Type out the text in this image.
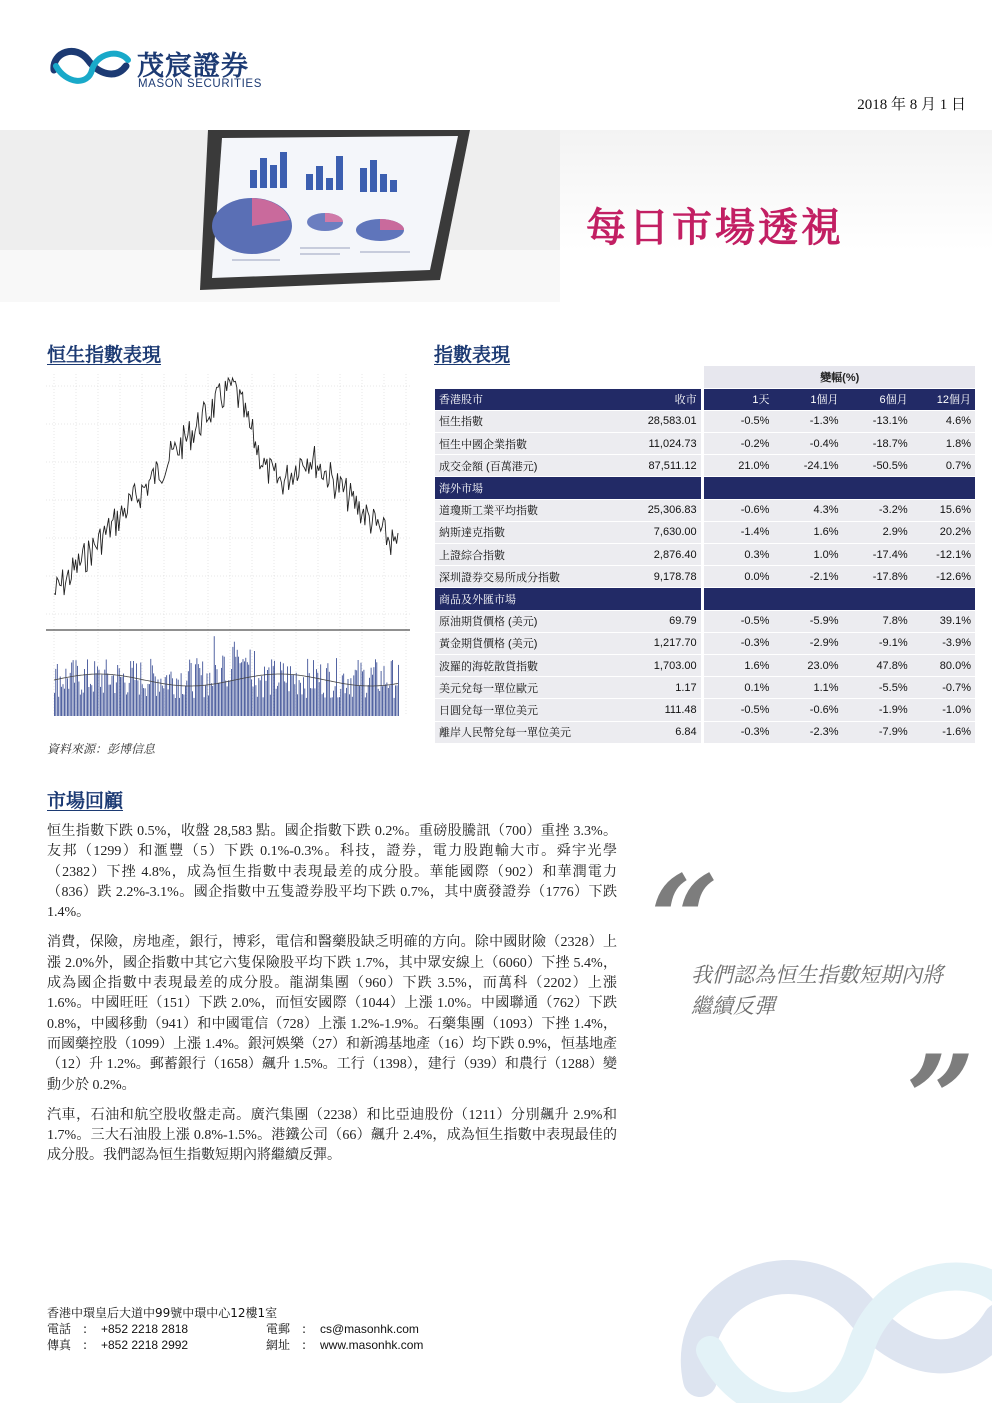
茂宸證券
MASON SECURITIES
2018 年 8 月 1 日
每日市場透視
恒生指數表現	指數表現
資料來源：彭博信息
			變幅(%)			
香港股市	收市		1天	1個月	6個月	12個月
恒生指數	28,583.01		-0.5%	-1.3%	-13.1%	4.6%
恒生中國企業指數	11,024.73		-0.2%	-0.4%	-18.7%	1.8%
成交金額 (百萬港元)	87,511.12		21.0%	-24.1%	-50.5%	0.7%
海外市場						
道瓊斯工業平均指數	25,306.83		-0.6%	4.3%	-3.2%	15.6%
納斯達克指數	7,630.00		-1.4%	1.6%	2.9%	20.2%
上證綜合指數	2,876.40		0.3%	1.0%	-17.4%	-12.1%
深圳證券交易所成分指數	9,178.78		0.0%	-2.1%	-17.8%	-12.6%
商品及外匯市場						
原油期貨價格 (美元)	69.79		-0.5%	-5.9%	7.8%	39.1%
黃金期貨價格 (美元)	1,217.70		-0.3%	-2.9%	-9.1%	-3.9%
波羅的海乾散貨指數	1,703.00		1.6%	23.0%	47.8%	80.0%
美元兌每一單位歐元	1.17		0.1%	1.1%	-5.5%	-0.7%
日圓兌每一單位美元	111.48		-0.5%	-0.6%	-1.9%	-1.0%
離岸人民幣兌每一單位美元	6.84		-0.3%	-2.3%	-7.9%	-1.6%
市場回顧

恒生指數下跌 0.5%，收盤 28,583 點。國企指數下跌 0.2%。重磅股騰訊（700）重挫 3.3%。友邦（1299）和滙豐（5）下跌 0.1%-0.3%。科技，證券，電力股跑輸大市。舜宇光學（2382）下挫 4.8%，成為恒生指數中表現最差的成分股。華能國際（902）和華潤電力（836）跌 2.2%-3.1%。國企指數中五隻證券股平均下跌 0.7%，其中廣發證券（1776）下跌 1.4%。

消費，保險，房地產，銀行，博彩，電信和醫藥股缺乏明確的方向。除中國財險（2328）上漲 2.0%外，國企指數中其它六隻保險股平均下跌 1.7%，其中眾安線上（6060）下挫 5.4%，成為國企指數中表現最差的成分股。龍湖集團（960）下跌 3.5%，而萬科（2202）上漲 1.6%。中國旺旺（151）下跌 2.0%，而恒安國際（1044）上漲 1.0%。中國聯通（762）下跌 0.8%，中國移動（941）和中國電信（728）上漲 1.2%-1.9%。石藥集團（1093）下挫 1.4%，而國藥控股（1099）上漲 1.4%。銀河娛樂（27）和新鴻基地產（16）均下跌 0.9%，恒基地產（12）升 1.2%。郵蓄銀行（1658）飆升 1.5%。工行（1398），建行（939）和農行（1288）變動少於 0.2%。

汽車，石油和航空股收盤走高。廣汽集團（2238）和比亞迪股份（1211）分別飆升 2.9%和 1.7%。三大石油股上漲 0.8%-1.5%。港鐵公司（66）飆升 2.4%，成為恒生指數中表現最佳的成分股。我們認為恒生指數短期內將繼續反彈。

“
我們認為恒生指數短期內將繼續反彈
”
香港中環皇后大道中99號中環中心12樓1室
電話 :	+852 2218 2818	電郵 :	cs@masonhk.com
傳真 :	+852 2218 2992	網址 :	www.masonhk.com
